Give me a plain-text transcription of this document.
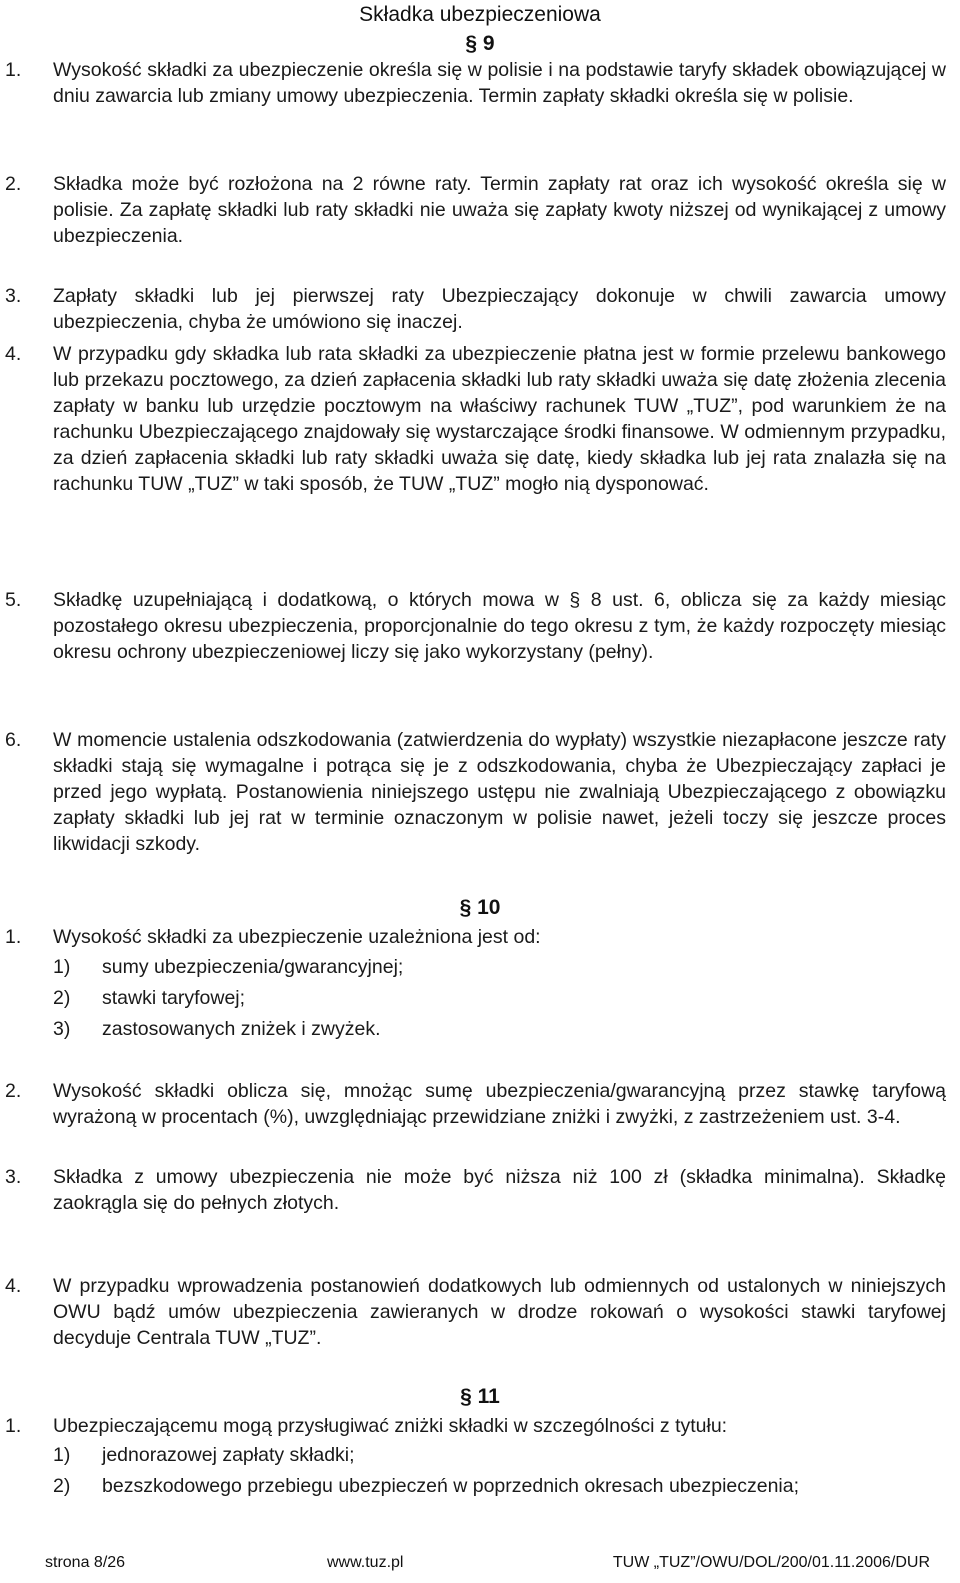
Składka ubezpieczeniowa
§ 9
1. Wysokość składki za ubezpieczenie określa się w polisie i na podstawie taryfy składek obowiązującej w dniu zawarcia lub zmiany umowy ubezpieczenia. Termin zapłaty składki określa się w polisie.
2. Składka może być rozłożona na 2 równe raty. Termin zapłaty rat oraz ich wysokość określa się w polisie. Za zapłatę składki lub raty składki nie uważa się zapłaty kwoty niższej od wynikającej z umowy ubezpieczenia.
3. Zapłaty składki lub jej pierwszej raty Ubezpieczający dokonuje w chwili zawarcia umowy ubezpieczenia, chyba że umówiono się inaczej.
4. W przypadku gdy składka lub rata składki za ubezpieczenie płatna jest w formie przelewu bankowego lub przekazu pocztowego, za dzień zapłacenia składki lub raty składki uważa się datę złożenia zlecenia zapłaty w banku lub urzędzie pocztowym na właściwy rachunek TUW „TUZ”, pod warunkiem że na rachunku Ubezpieczającego znajdowały się wystarczające środki finansowe. W odmiennym przypadku, za dzień zapłacenia składki lub raty składki uważa się datę, kiedy składka lub jej rata znalazła się na rachunku TUW „TUZ” w taki sposób, że TUW „TUZ” mogło nią dysponować.
5. Składkę uzupełniającą i dodatkową, o których mowa w § 8 ust. 6, oblicza się za każdy miesiąc pozostałego okresu ubezpieczenia, proporcjonalnie do tego okresu z tym, że każdy rozpoczęty miesiąc okresu ochrony ubezpieczeniowej liczy się jako wykorzystany (pełny).
6. W momencie ustalenia odszkodowania (zatwierdzenia do wypłaty) wszystkie niezapłacone jeszcze raty składki stają się wymagalne i potrąca się je z odszkodowania, chyba że Ubezpieczający zapłaci je przed jego wypłatą. Postanowienia niniejszego ustępu nie zwalniają Ubezpieczającego z obowiązku zapłaty składki lub jej rat w terminie oznaczonym w polisie nawet, jeżeli toczy się jeszcze proces likwidacji szkody.
§ 10
1. Wysokość składki za ubezpieczenie uzależniona jest od:
1) sumy ubezpieczenia/gwarancyjnej;
2) stawki taryfowej;
3) zastosowanych zniżek i zwyżek.
2. Wysokość składki oblicza się, mnożąc sumę ubezpieczenia/gwarancyjną przez stawkę taryfową wyrażoną w procentach (%), uwzględniając przewidziane zniżki i zwyżki, z zastrzeżeniem ust. 3-4.
3. Składka z umowy ubezpieczenia nie może być niższa niż 100 zł (składka minimalna). Składkę zaokrągla się do pełnych złotych.
4. W przypadku wprowadzenia postanowień dodatkowych lub odmiennych od ustalonych w niniejszych OWU bądź umów ubezpieczenia zawieranych w drodze rokowań o wysokości stawki taryfowej decyduje Centrala TUW „TUZ”.
§ 11
1. Ubezpieczającemu mogą przysługiwać zniżki składki w szczególności z tytułu:
1) jednorazowej zapłaty składki;
2) bezszkodowego przebiegu ubezpieczeń w poprzednich okresach ubezpieczenia;
strona 8/26	www.tuz.pl	TUW „TUZ”/OWU/DOL/200/01.11.2006/DUR
